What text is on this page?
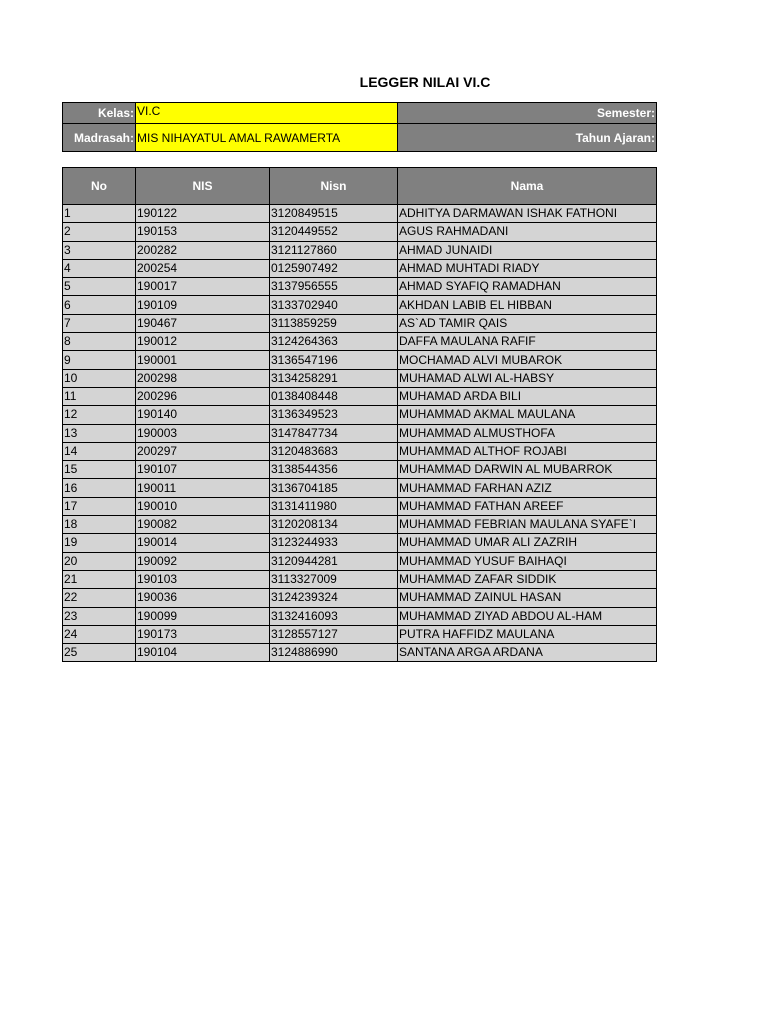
LEGGER NILAI VI.C
Kelas:	VI.C	Semester:
Madrasah:	MIS NIHAYATUL AMAL RAWAMERTA	Tahun Ajaran:
No	NIS	Nisn	Nama
1	190122	3120849515	ADHITYA DARMAWAN ISHAK FATHONI
2	190153	3120449552	AGUS RAHMADANI
3	200282	3121127860	AHMAD JUNAIDI
4	200254	0125907492	AHMAD MUHTADI RIADY
5	190017	3137956555	AHMAD SYAFIQ RAMADHAN
6	190109	3133702940	AKHDAN LABIB EL HIBBAN
7	190467	3113859259	AS`AD TAMIR QAIS
8	190012	3124264363	DAFFA MAULANA RAFIF
9	190001	3136547196	MOCHAMAD ALVI MUBAROK
10	200298	3134258291	MUHAMAD ALWI AL-HABSY
11	200296	0138408448	MUHAMAD ARDA BILI
12	190140	3136349523	MUHAMMAD AKMAL MAULANA
13	190003	3147847734	MUHAMMAD ALMUSTHOFA
14	200297	3120483683	MUHAMMAD ALTHOF ROJABI
15	190107	3138544356	MUHAMMAD DARWIN AL MUBARROK
16	190011	3136704185	MUHAMMAD FARHAN AZIZ
17	190010	3131411980	MUHAMMAD FATHAN AREEF
18	190082	3120208134	MUHAMMAD FEBRIAN MAULANA SYAFE`I
19	190014	3123244933	MUHAMMAD UMAR ALI ZAZRIH
20	190092	3120944281	MUHAMMAD YUSUF BAIHAQI
21	190103	3113327009	MUHAMMAD ZAFAR SIDDIK
22	190036	3124239324	MUHAMMAD ZAINUL HASAN
23	190099	3132416093	MUHAMMAD ZIYAD ABDOU AL-HAM
24	190173	3128557127	PUTRA HAFFIDZ MAULANA
25	190104	3124886990	SANTANA ARGA ARDANA
